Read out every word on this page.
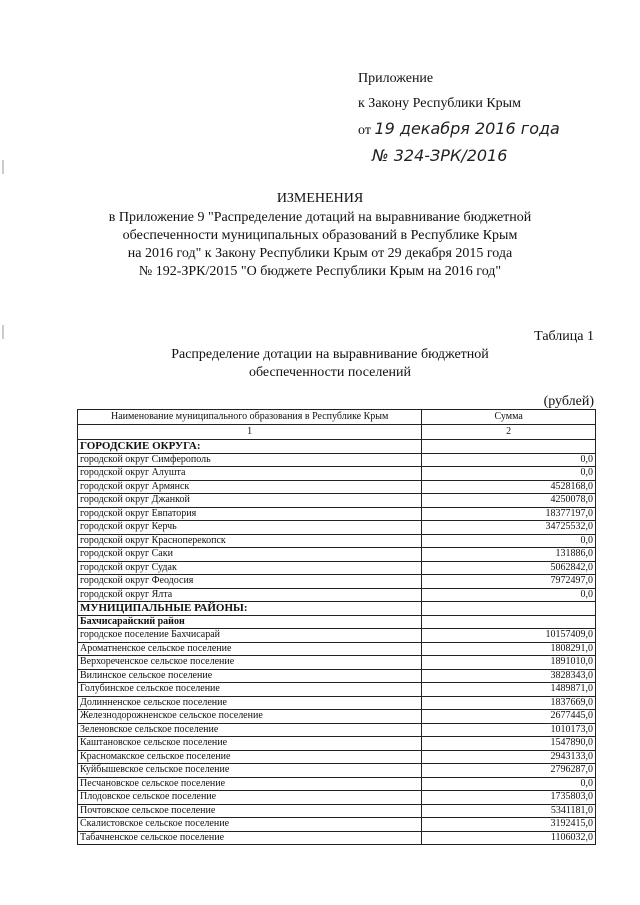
Приложение
к Закону Республики Крым
от 19 декабря 2016 года
№ 324-ЗРК/2016
ИЗМЕНЕНИЯ
в Приложение 9 "Распределение дотаций на выравнивание бюджетной
обеспеченности муниципальных образований в Республике Крым
на 2016 год" к Закону Республики Крым от 29 декабря 2015 года
№ 192-ЗРК/2015 "О бюджете Республики Крым на 2016 год"
Таблица 1
Распределение дотации на выравнивание бюджетной
обеспеченности поселений
(рублей)
Наименование муниципального образования в Республике Крым	Сумма
1	2
ГОРОДСКИЕ ОКРУГА:	
городской округ Симферополь	0,0
городской округ Алушта	0,0
городской округ Армянск	4528168,0
городской округ Джанкой	4250078,0
городской округ Евпатория	18377197,0
городской округ Керчь	34725532,0
городской округ Красноперекопск	0,0
городской округ Саки	131886,0
городской округ Судак	5062842,0
городской округ Феодосия	7972497,0
городской округ Ялта	0,0
МУНИЦИПАЛЬНЫЕ РАЙОНЫ:	
Бахчисарайский район	
городское поселение Бахчисарай	10157409,0
Ароматненское сельское поселение	1808291,0
Верхореченское сельское поселение	1891010,0
Вилинское сельское поселение	3828343,0
Голубинское сельское поселение	1489871,0
Долинненское сельское поселение	1837669,0
Железнодорожненское сельское поселение	2677445,0
Зеленовское сельское поселение	1010173,0
Каштановское сельское поселение	1547890,0
Красномакское сельское поселение	2943133,0
Куйбышевское сельское поселение	2796287,0
Песчановское сельское поселение	0,0
Плодовское сельское поселение	1735803,0
Почтовское сельское поселение	5341181,0
Скалистовское сельское поселение	3192415,0
Табачненское сельское поселение	1106032,0
